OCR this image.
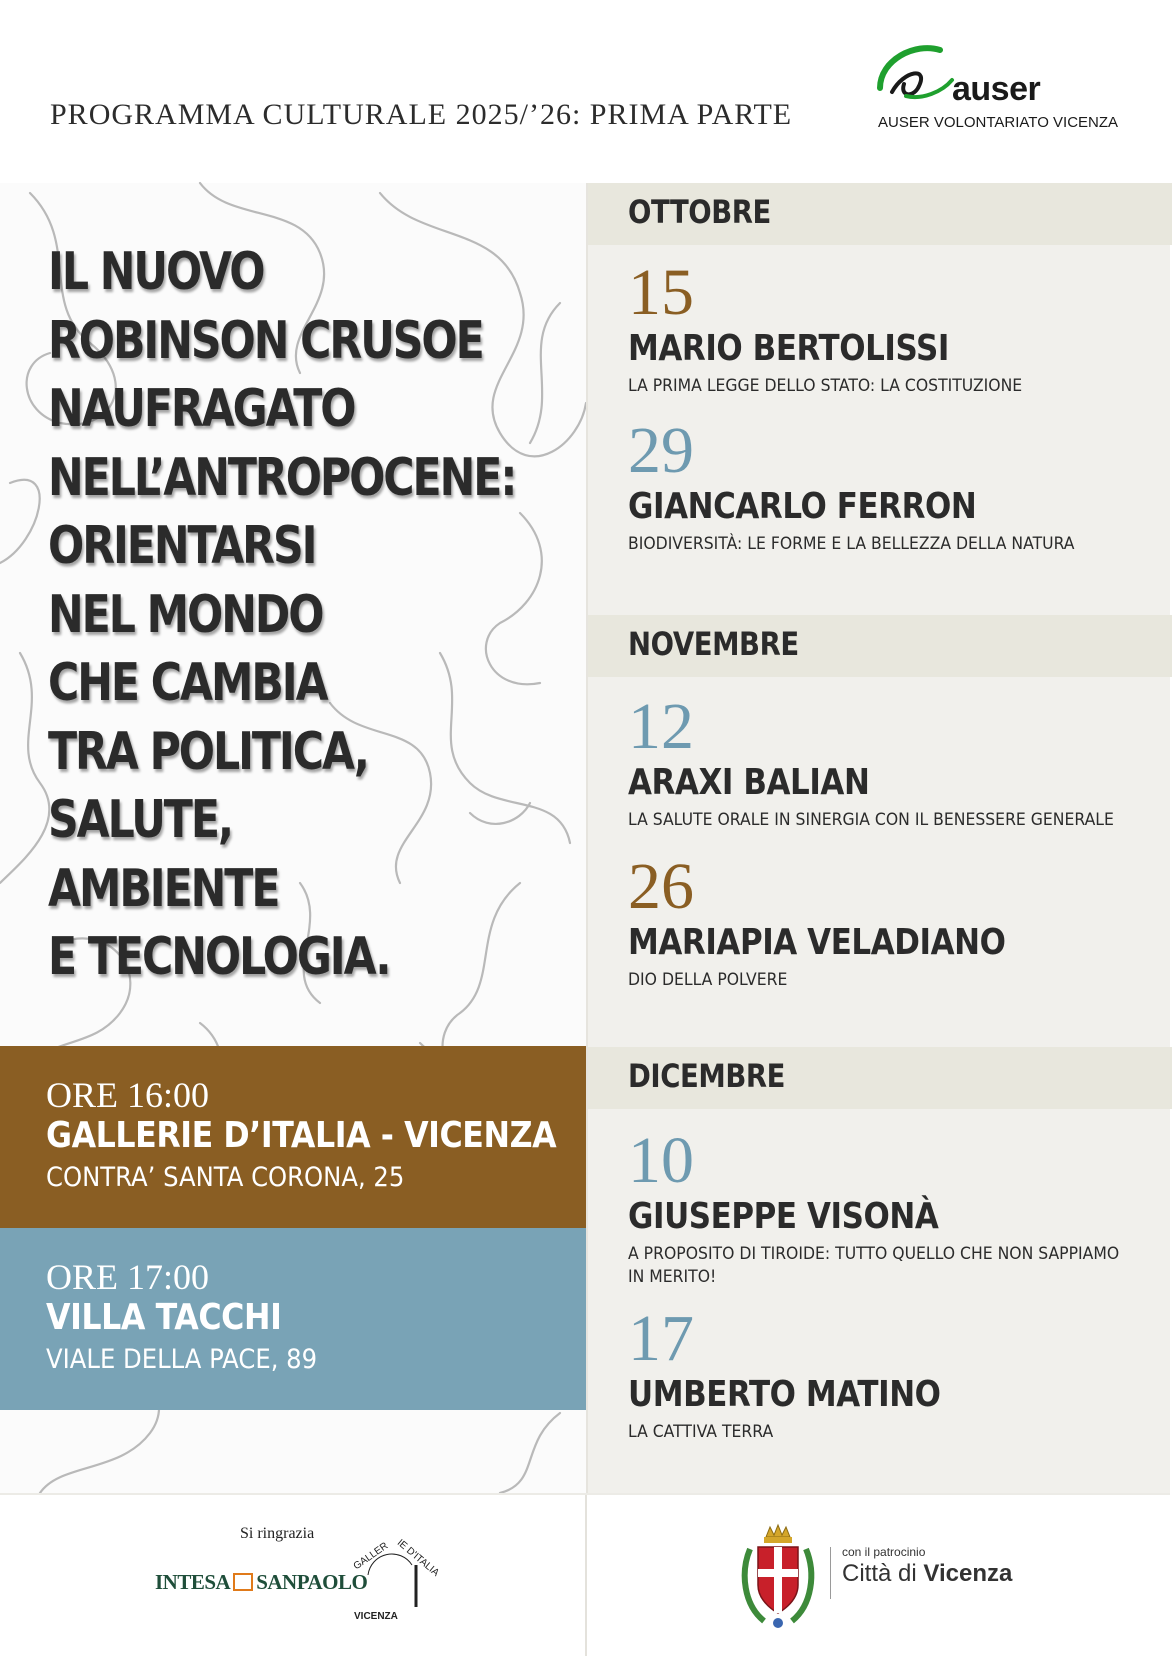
PROGRAMMA CULTURALE 2025/’26: PRIMA PARTE
auser
AUSER VOLONTARIATO VICENZA
IL NUOVO
ROBINSON CRUSOE
NAUFRAGATO
NELL’ANTROPOCENE:
ORIENTARSI
NEL MONDO
CHE CAMBIA
TRA POLITICA,
SALUTE,
AMBIENTE
E TECNOLOGIA.
ORE 16:00
GALLERIE D’ITALIA - VICENZA
CONTRA’ SANTA CORONA, 25
ORE 17:00
VILLA TACCHI
VIALE DELLA PACE, 89
OTTOBRE
15
MARIO BERTOLISSI
LA PRIMA LEGGE DELLO STATO: LA COSTITUZIONE
29
GIANCARLO FERRON
BIODIVERSITÀ: LE FORME E LA BELLEZZA DELLA NATURA
NOVEMBRE
12
ARAXI BALIAN
LA SALUTE ORALE IN SINERGIA CON IL BENESSERE GENERALE
26
MARIAPIA VELADIANO
DIO DELLA POLVERE
DICEMBRE
10
GIUSEPPE VISONÀ
A PROPOSITO DI TIROIDE: TUTTO QUELLO CHE NON SAPPIAMO
IN MERITO!
17
UMBERTO MATINO
LA CATTIVA TERRA
Si ringrazia
INTESA SANPAOLO
GALLER IE D'ITALIA
VICENZA
con il patrocinio
Città di Vicenza
